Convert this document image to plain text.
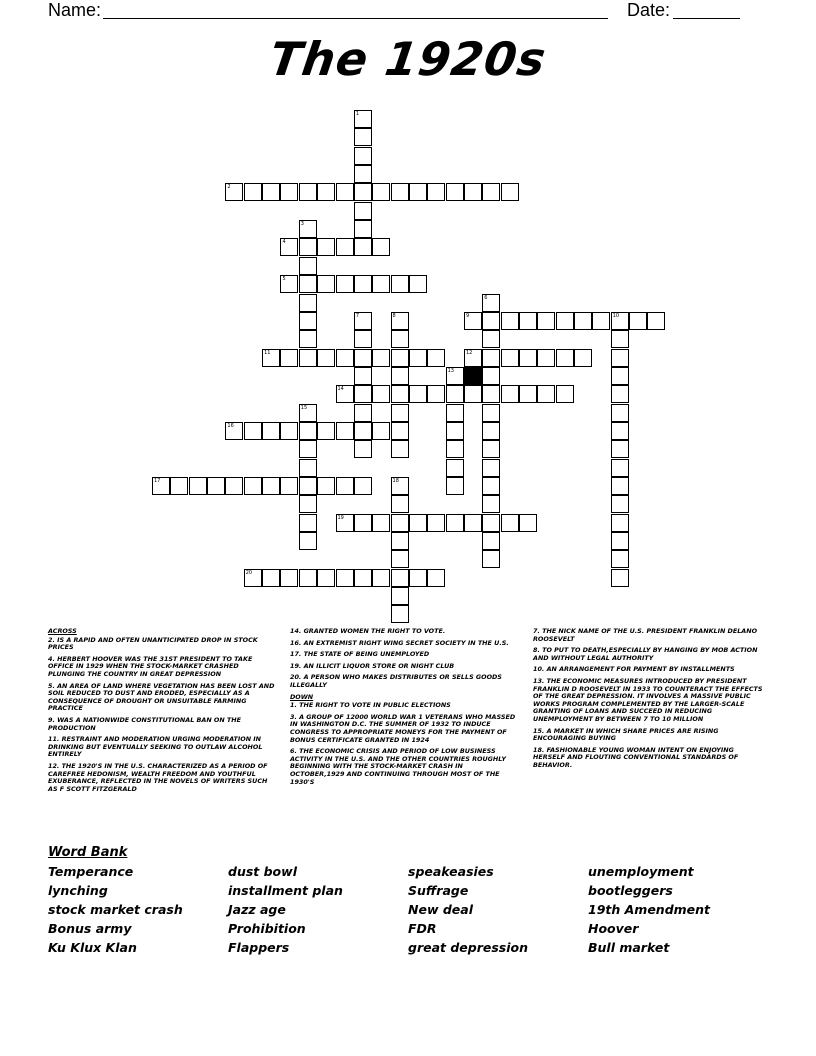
Name:	Date:
The 1920s
1
2
3
4
5
6
7	8	9	10
11	12
13
14
15
16
17	18
19
20
ACROSS
2. IS A RAPID AND OFTEN UNANTICIPATED DROP IN STOCK PRICES
4. HERBERT HOOVER WAS THE 31ST PRESIDENT TO TAKE OFFICE IN 1929 WHEN THE STOCK-MARKET CRASHED PLUNGING THE COUNTRY IN GREAT DEPRESSION
5. AN AREA OF LAND WHERE VEGETATION HAS BEEN LOST AND SOIL REDUCED TO DUST AND ERODED, ESPECIALLY AS A CONSEQUENCE OF DROUGHT OR UNSUITABLE FARMING PRACTICE
9. WAS A NATIONWIDE CONSTITUTIONAL BAN ON THE PRODUCTION
11. RESTRAINT AND MODERATION URGING MODERATION IN DRINKING BUT EVENTUALLY SEEKING TO OUTLAW ALCOHOL ENTIRELY
12. THE 1920'S IN THE U.S. CHARACTERIZED AS A PERIOD OF CAREFREE HEDONISM, WEALTH FREEDOM AND YOUTHFUL EXUBERANCE, REFLECTED IN THE NOVELS OF WRITERS SUCH AS F SCOTT FITZGERALD
14. GRANTED WOMEN THE RIGHT TO VOTE.
16. AN EXTREMIST RIGHT WING SECRET SOCIETY IN THE U.S.
17. THE STATE OF BEING UNEMPLOYED
19. AN ILLICIT LIQUOR STORE OR NIGHT CLUB
20. A PERSON WHO MAKES DISTRIBUTES OR SELLS GOODS ILLEGALLY
DOWN
1. THE RIGHT TO VOTE IN PUBLIC ELECTIONS
3. A GROUP OF 12000 WORLD WAR 1 VETERANS WHO MASSED IN WASHINGTON D.C. THE SUMMER OF 1932 TO INDUCE CONGRESS TO APPROPRIATE MONEYS FOR THE PAYMENT OF BONUS CERTIFICATE GRANTED IN 1924
6. THE ECONOMIC CRISIS AND PERIOD OF LOW BUSINESS ACTIVITY IN THE U.S. AND THE OTHER COUNTRIES ROUGHLY BEGINNING WITH THE STOCK-MARKET CRASH IN OCTOBER,1929 AND CONTINUING THROUGH MOST OF THE 1930'S
7. THE NICK NAME OF THE U.S. PRESIDENT FRANKLIN DELANO ROOSEVELT
8. TO PUT TO DEATH,ESPECIALLY BY HANGING BY MOB ACTION AND WITHOUT LEGAL AUTHORITY
10. AN ARRANGEMENT FOR PAYMENT BY INSTALLMENTS
13. THE ECONOMIC MEASURES INTRODUCED BY PRESIDENT FRANKLIN D ROOSEVELT IN 1933 TO COUNTERACT THE EFFECTS OF THE GREAT DEPRESSION. IT INVOLVES A MASSIVE PUBLIC WORKS PROGRAM COMPLEMENTED BY THE LARGER-SCALE GRANTING OF LOANS AND SUCCEED IN REDUCING UNEMPLOYMENT BY BETWEEN 7 TO 10 MILLION
15. A MARKET IN WHICH SHARE PRICES ARE RISING ENCOURAGING BUYING
18. FASHIONABLE YOUNG WOMAN INTENT ON ENJOYING HERSELF AND FLOUTING CONVENTIONAL STANDARDS OF BEHAVIOR.
Word Bank
Temperance
lynching
stock market crash
Bonus army
Ku Klux Klan
dust bowl
installment plan
Jazz age
Prohibition
Flappers
speakeasies
Suffrage
New deal
FDR
great depression
unemployment
bootleggers
19th Amendment
Hoover
Bull market
